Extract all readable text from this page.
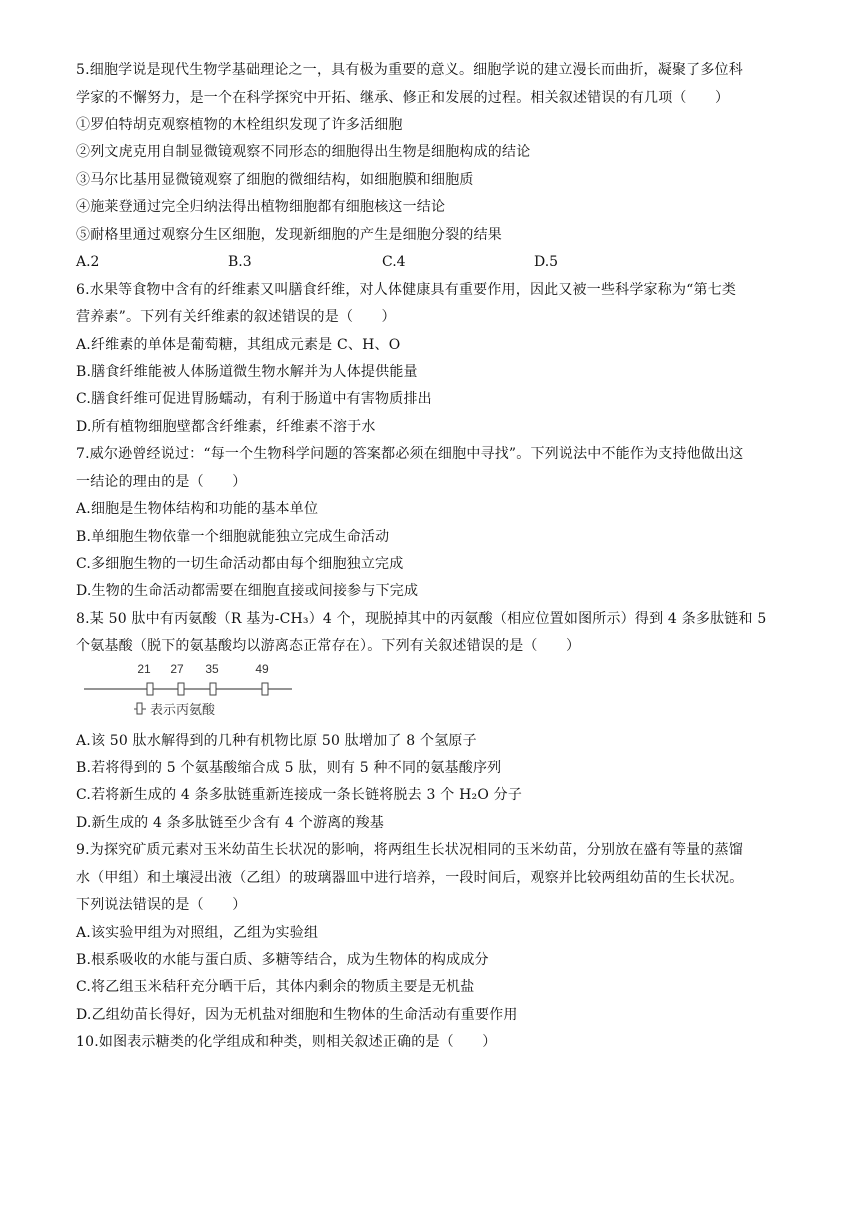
5.细胞学说是现代生物学基础理论之一，具有极为重要的意义。细胞学说的建立漫长而曲折，凝聚了多位科
学家的不懈努力，是一个在科学探究中开拓、继承、修正和发展的过程。相关叙述错误的有几项（　　）
①罗伯特胡克观察植物的木栓组织发现了许多活细胞
②列文虎克用自制显微镜观察不同形态的细胞得出生物是细胞构成的结论
③马尔比基用显微镜观察了细胞的微细结构，如细胞膜和细胞质
④施莱登通过完全归纳法得出植物细胞都有细胞核这一结论
⑤耐格里通过观察分生区细胞，发现新细胞的产生是细胞分裂的结果
A.2	B.3	C.4	D.5
6.水果等食物中含有的纤维素又叫膳食纤维，对人体健康具有重要作用，因此又被一些科学家称为“第七类
营养素”。下列有关纤维素的叙述错误的是（　　）
A.纤维素的单体是葡萄糖，其组成元素是 C、H、O
B.膳食纤维能被人体肠道微生物水解并为人体提供能量
C.膳食纤维可促进胃肠蠕动，有利于肠道中有害物质排出
D.所有植物细胞壁都含纤维素，纤维素不溶于水
7.威尔逊曾经说过：“每一个生物科学问题的答案都必须在细胞中寻找”。下列说法中不能作为支持他做出这
一结论的理由的是（　　）
A.细胞是生物体结构和功能的基本单位
B.单细胞生物依靠一个细胞就能独立完成生命活动
C.多细胞生物的一切生命活动都由每个细胞独立完成
D.生物的生命活动都需要在细胞直接或间接参与下完成
8.某 50 肽中有丙氨酸（R 基为-CH₃）4 个，现脱掉其中的丙氨酸（相应位置如图所示）得到 4 条多肽链和 5
个氨基酸（脱下的氨基酸均以游离态正常存在）。下列有关叙述错误的是（　　）
21 27 35	49
表示丙氨酸
A.该 50 肽水解得到的几种有机物比原 50 肽增加了 8 个氢原子
B.若将得到的 5 个氨基酸缩合成 5 肽，则有 5 种不同的氨基酸序列
C.若将新生成的 4 条多肽链重新连接成一条长链将脱去 3 个 H₂O 分子
D.新生成的 4 条多肽链至少含有 4 个游离的羧基
9.为探究矿质元素对玉米幼苗生长状况的影响，将两组生长状况相同的玉米幼苗，分别放在盛有等量的蒸馏
水（甲组）和土壤浸出液（乙组）的玻璃器皿中进行培养，一段时间后，观察并比较两组幼苗的生长状况。
下列说法错误的是（　　）
A.该实验甲组为对照组，乙组为实验组
B.根系吸收的水能与蛋白质、多糖等结合，成为生物体的构成成分
C.将乙组玉米秸秆充分晒干后，其体内剩余的物质主要是无机盐
D.乙组幼苗长得好，因为无机盐对细胞和生物体的生命活动有重要作用
10.如图表示糖类的化学组成和种类，则相关叙述正确的是（　　）
